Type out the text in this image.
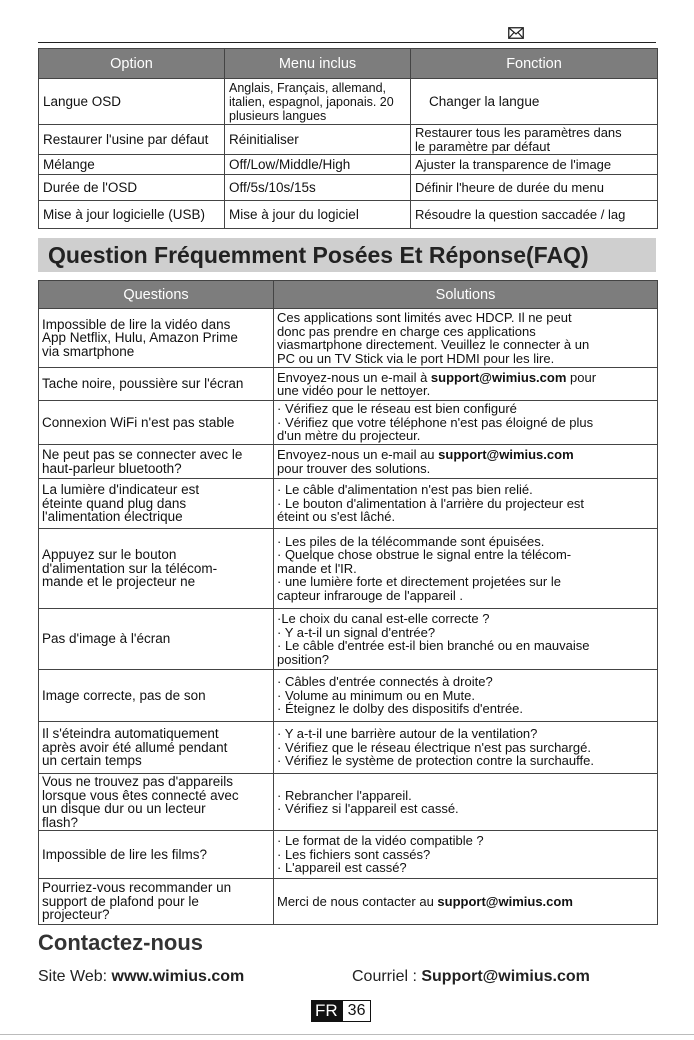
Option	Menu inclus	Fonction
Langue OSD	Anglais, Français, allemand,
italien, espagnol, japonais. 20
plusieurs langues	Changer la langue

Restaurer l'usine par défaut	Réinitialiser	Restaurer tous les paramètres dans
le paramètre par défaut

Mélange	Off/Low/Middle/High	Ajuster la transparence de l'image

Durée de l'OSD	Off/5s/10s/15s	Définir l'heure de durée du menu

Mise à jour logicielle (USB)	Mise à jour du logiciel	Résoudre la question saccadée / lag
Question Fréquemment Posées Et Réponse(FAQ)
Questions	Solutions

Impossible de lire la vidéo dans
App Netflix, Hulu, Amazon Prime
via smartphone	Ces applications sont limités avec HDCP. Il ne peut
donc pas prendre en charge ces applications
viasmartphone directement. Veuillez le connecter à un
PC ou un TV Stick via le port HDMI pour les lire.

Tache noire, poussière sur l'écran	Envoyez-nous un e-mail à support@wimius.com pour
une vidéo pour le nettoyer.

Connexion WiFi n'est pas stable	· Vérifiez que le réseau est bien configuré
· Vérifiez que votre téléphone n'est pas éloigné de plus
d'un mètre du projecteur.

Ne peut pas se connecter avec le
haut-parleur bluetooth?	Envoyez-nous un e-mail au support@wimius.com
pour trouver des solutions.

La lumière d'indicateur est
éteinte quand plug dans
l'alimentation électrique	· Le câble d'alimentation n'est pas bien relié.
· Le bouton d'alimentation à l'arrière du projecteur est
éteint ou s'est lâché.

Appuyez sur le bouton
d'alimentation sur la télécom-
mande et le projecteur ne	· Les piles de la télécommande sont épuisées.
· Quelque chose obstrue le signal entre la télécom-
mande et l'IR.
· une lumière forte et directement projetées sur le
capteur infrarouge de l'appareil .

Pas d'image à l'écran	·Le choix du canal est-elle correcte ?
· Y a-t-il un signal d'entrée?
· Le câble d'entrée est-il bien branché ou en mauvaise
position?

Image correcte, pas de son	· Câbles d'entrée connectés à droite?
· Volume au minimum ou en Mute.
· Éteignez le dolby des dispositifs d'entrée.

Il s'éteindra automatiquement
après avoir été allumé pendant
un certain temps	· Y a-t-il une barrière autour de la ventilation?
· Vérifiez que le réseau électrique n'est pas surchargé.
· Vérifiez le système de protection contre la surchauffe.

Vous ne trouvez pas d'appareils
lorsque vous êtes connecté avec
un disque dur ou un lecteur
flash?	· Rebrancher l'appareil.
· Vérifiez si l'appareil est cassé.

Impossible de lire les films?	· Le format de la vidéo compatible ?
· Les fichiers sont cassés?
· L'appareil est cassé?

Pourriez-vous recommander un
support de plafond pour le
projecteur?	Merci de nous contacter au support@wimius.com
Contactez-nous
Site Web: www.wimius.com	Courriel : Support@wimius.com
FR 36
